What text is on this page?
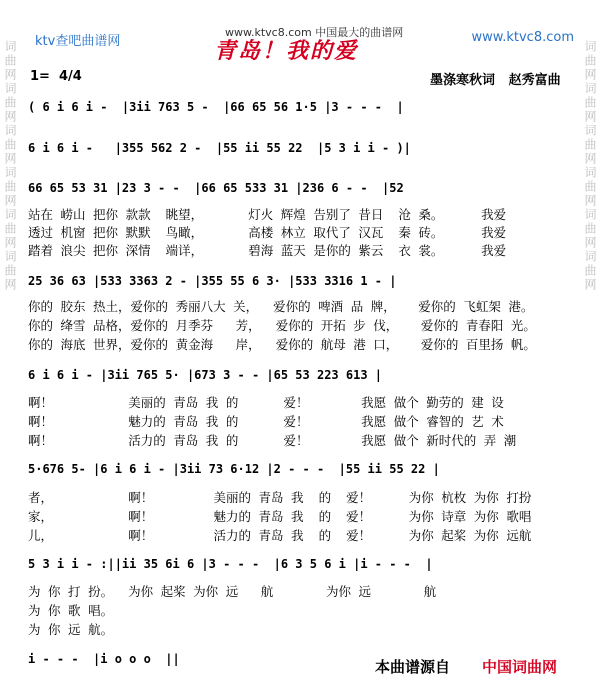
词曲网词曲网词曲网词曲网词曲网词曲网	词曲网词曲网词曲网词曲网词曲网词曲网
ktv查吧曲谱网
www.ktvc8.com 中国最大的曲谱网	www.ktvc8.com
青岛！我的爱
1=  4/4	墨涤寒秋词   赵秀富曲
( 6 i 6 i -  |3ii 763 5 -  |66 65 56 1·5 |3 - - -  |
6 i 6 i -   |355 562 2 -  |55 ii 55 22  |5 3 i i - )|
66 65 53 31 |23 3 - -  |66 65 533 31 |236 6 - -  |52
站在 崂山 把你 款款  眺望，      灯火 辉煌 告别了 昔日  沧 桑。     我爱
透过 机窗 把你 默默  鸟瞰，      高楼 林立 取代了 汉瓦  秦 砖。     我爱
踏着 浪尖 把你 深情  端详，      碧海 蓝天 是你的 紫云  衣 裳。     我爱
25 36 63 |533 3363 2 - |355 55 6 3· |533 3316 1 - |
你的 胶东 热土，爱你的 秀丽八大 关，  爱你的 啤酒 品 牌，   爱你的 飞虹架 港。
你的 绛雪 品格，爱你的 月季芬   芳，  爱你的 开拓 步 伐，   爱你的 青春阳 光。
你的 海底 世界，爱你的 黄金海   岸，  爱你的 航母 港 口，   爱你的 百里扬 帆。
6 i 6 i - |3ii 765 5· |673 3 - - |65 53 223 613 |
啊！          美丽的 青岛 我 的      爱！       我愿 做个 勤劳的 建 设
啊！          魅力的 青岛 我 的      爱！       我愿 做个 睿智的 艺 术
啊！          活力的 青岛 我 的      爱！       我愿 做个 新时代的 弄 潮
5·676 5- |6 i 6 i - |3ii 73 6·12 |2 - - -  |55 ii 55 22 |
者，          啊！        美丽的 青岛 我  的  爱！     为你 杭枚 为你 打扮
家，          啊！        魅力的 青岛 我  的  爱！     为你 诗章 为你 歌唱
儿，          啊！        活力的 青岛 我  的  爱！     为你 起桨 为你 远航
5 3 i i - :||ii 35 6i 6 |3 - - -  |6 3 5 6 i |i - - -  |
为 你 打 扮。  为你 起桨 为你 远   航       为你 远       航
为 你 歌 唱。
为 你 远 航。
i - - -  |i o o o  ||	本曲谱源自 中国词曲网
